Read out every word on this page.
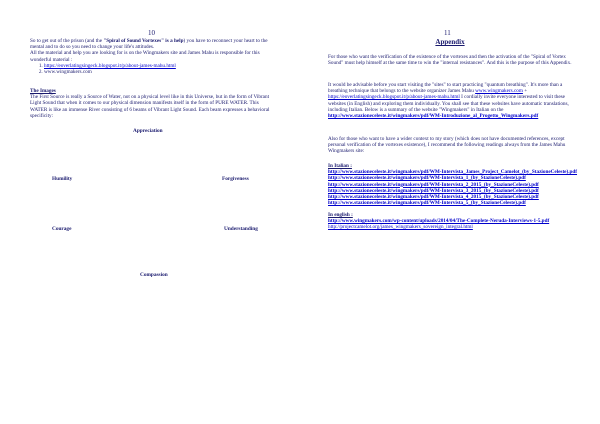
10
So to get out of the prison (and the "Spiral of Sound Vortexes" is a help) you have to reconnect your heart to the mental and to do so you need to change your life's attitudes.
All the material and help you are looking for is on the Wingmakers site and James Mahu is responsible for this wonderful material :
1. https://eoverlatingsingeck.blogspot.it/p/about-james-mahu.html
2. www.wingmakers.com
The Images
The First Source is really a Source of Water, not on a physical level like in this Universe, but in the form of Vibrant Light Sound that when it comes to our physical dimension manifests itself in the form of PURE WATER. This WATER is like an immense River consisting of 6 beams of Vibrant Light Sound. Each beam expresses a behavioral specificity:
Appreciation
Humility	Forgiveness
Courage	Understanding
Compassion
11
Appendix
For those who want the verification of the existence of the vortexes and then the activation of the "Spiral of Vortex Sound" must help himself at the same time to win the "internal resistances". And this is the purpose of this Appendix.
It would be advisable before you start visiting the "sites" to start practicing "quantum breathing". It's more than a breathing technique that belongs to the website organizer James Mahu www.wingmakers.com + https://eoverlatingsingeck.blogspot.it/p/about-james-mahu.html I cordially invite everyone interested to visit these websites (in English) and exploring them individually. You shall see that these websites have automatic translations, including Italian. Below is a summary of the website "Wingmakers" in Italian on the http://www.stazioneceleste.it/wingmakers/pdf/WM-Introduzione_al_Progetto_Wingmakers.pdf
Also for those who want to have a wider context to my story (which does not have documented references, except personal verification of the vortexes existence), I recommend the following readings always from the James Mahu Wingmakers site:
In Italian :
http://www.stazioneceleste.it/wingmakers/pdf/WM-Intervista_James_Project_Camelot_(by_StazioneCeleste).pdf
http://www.stazioneceleste.it/wingmakers/pdf/WM-Intervista_1_(by_StazioneCeleste).pdf
http://www.stazioneceleste.it/wingmakers/pdf/WM-Intervista_2_2015_(by_StazioneCeleste).pdf
http://www.stazioneceleste.it/wingmakers/pdf/WM-Intervista_3_2015_(by_StazioneCeleste).pdf
http://www.stazioneceleste.it/wingmakers/pdf/WM-Intervista_4_2015_(by_StazioneCeleste).pdf
http://www.stazioneceleste.it/wingmakers/pdf/WM-Intervista_5_(by_StazioneCeleste).pdf
In english :
http://www.wingmakers.com/wp-content/uploads/2014/04/The-Complete-Neruda-Interviews-1-5.pdf
http://projectcamelot.org/james_wingmakers_sovereign_integral.html
